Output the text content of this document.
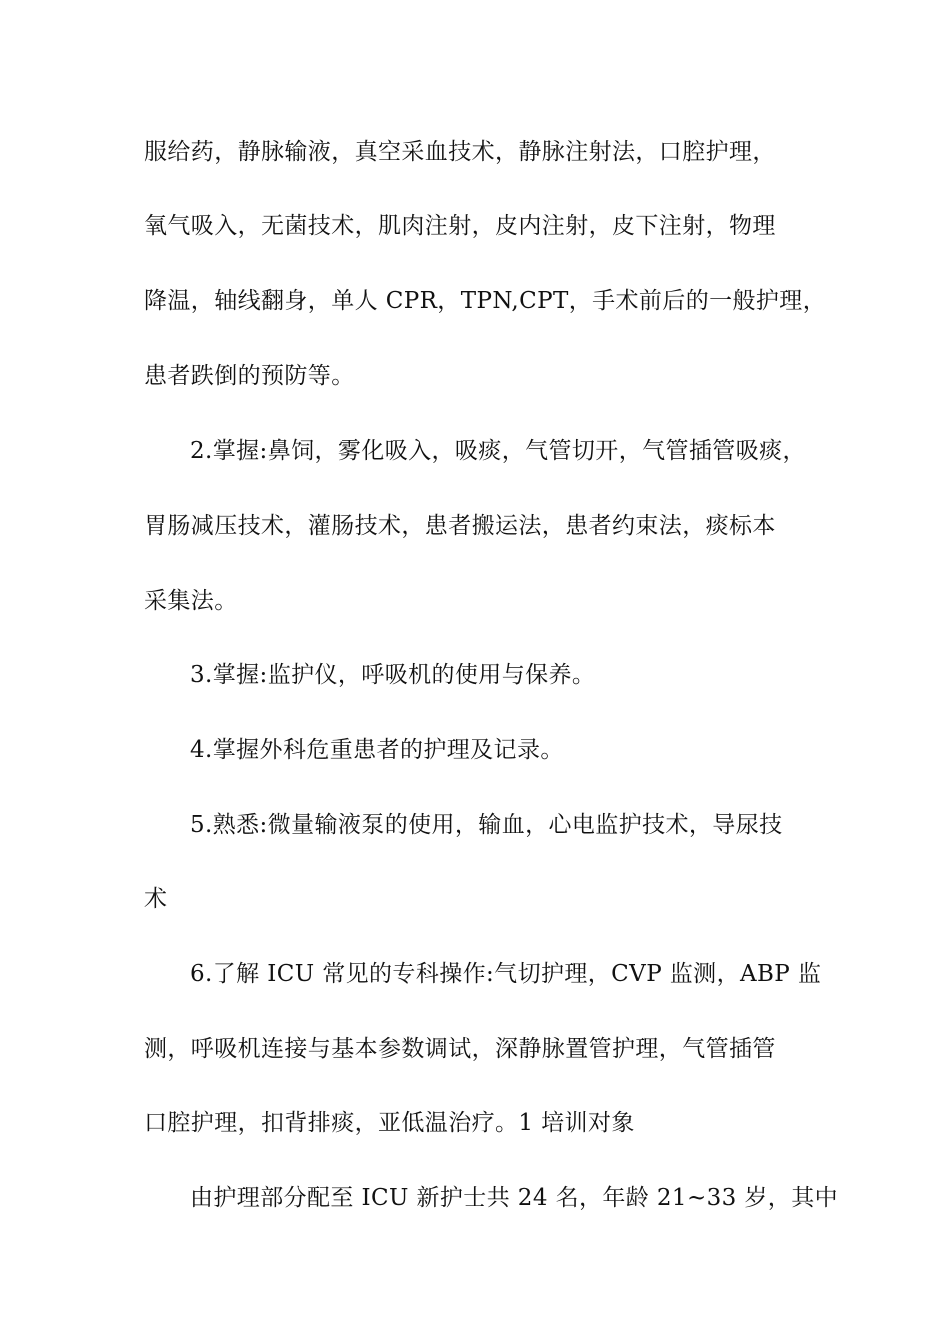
服给药，静脉输液，真空采血技术，静脉注射法，口腔护理，
氧气吸入，无菌技术，肌肉注射，皮内注射，皮下注射，物理
降温，轴线翻身，单人 CPR，TPN,CPT，手术前后的一般护理，
患者跌倒的预防等。
2.掌握:鼻饲，雾化吸入，吸痰，气管切开，气管插管吸痰，
胃肠减压技术，灌肠技术，患者搬运法，患者约束法，痰标本
采集法。
3.掌握:监护仪，呼吸机的使用与保养。
4.掌握外科危重患者的护理及记录。
5.熟悉:微量输液泵的使用，输血，心电监护技术，导尿技
术
6.了解 ICU 常见的专科操作:气切护理，CVP 监测，ABP 监
测，呼吸机连接与基本参数调试，深静脉置管护理，气管插管
口腔护理，扣背排痰，亚低温治疗。1 培训对象
由护理部分配至 ICU 新护士共 24 名，年龄 21~33 岁，其中
